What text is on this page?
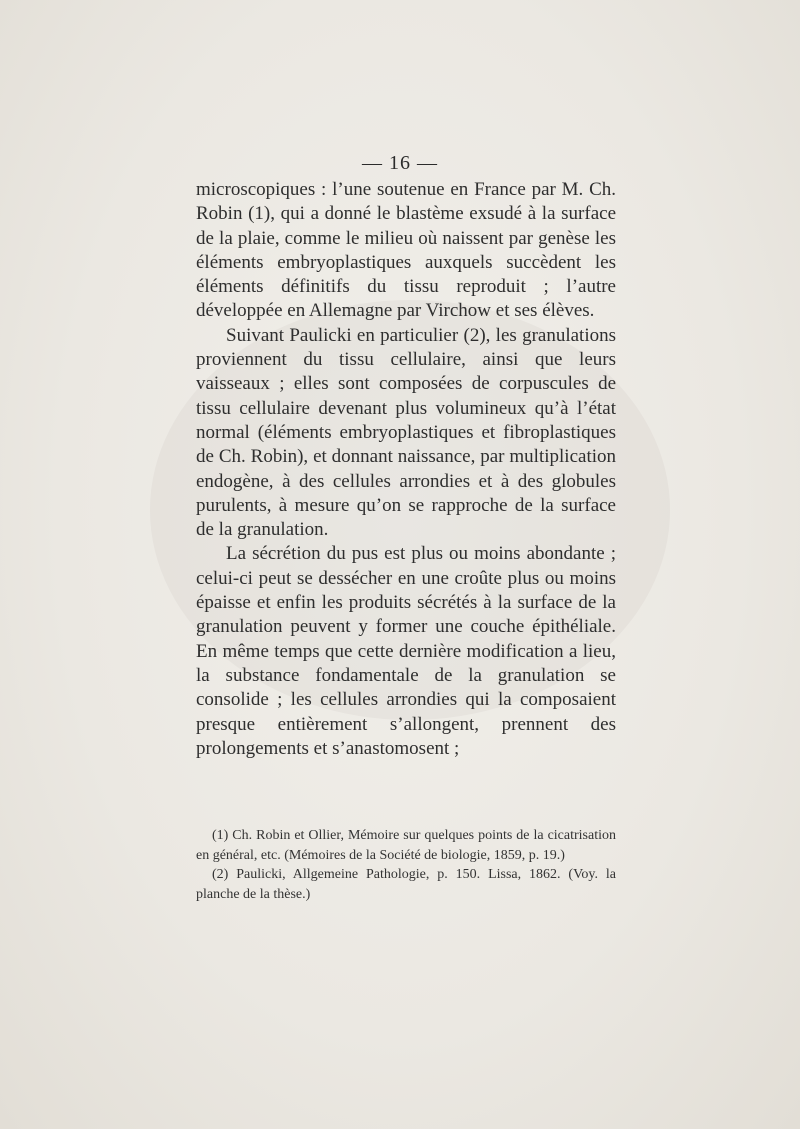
— 16 —

microscopiques : l’une soutenue en France par M. Ch. Robin (1), qui a donné le blastème exsudé à la surface de la plaie, comme le milieu où naissent par genèse les éléments embryoplastiques auxquels succèdent les éléments définitifs du tissu reproduit ; l’autre développée en Allemagne par Virchow et ses élèves.

Suivant Paulicki en particulier (2), les granulations proviennent du tissu cellulaire, ainsi que leurs vaisseaux ; elles sont composées de corpuscules de tissu cellulaire devenant plus volumineux qu’à l’état normal (éléments embryoplastiques et fibroplastiques de Ch. Robin), et donnant naissance, par multiplication endogène, à des cellules arrondies et à des globules purulents, à mesure qu’on se rapproche de la surface de la granulation.

La sécrétion du pus est plus ou moins abondante ; celui-ci peut se dessécher en une croûte plus ou moins épaisse et enfin les produits sécrétés à la surface de la granulation peuvent y former une couche épithéliale. En même temps que cette dernière modification a lieu, la substance fondamentale de la granulation se consolide ; les cellules arrondies qui la composaient presque entièrement s’allongent, prennent des prolongements et s’anastomosent ;

(1) Ch. Robin et Ollier, Mémoire sur quelques points de la cicatrisation en général, etc. (Mémoires de la Société de biologie, 1859, p. 19.)

(2) Paulicki, Allgemeine Pathologie, p. 150. Lissa, 1862. (Voy. la planche de la thèse.)
